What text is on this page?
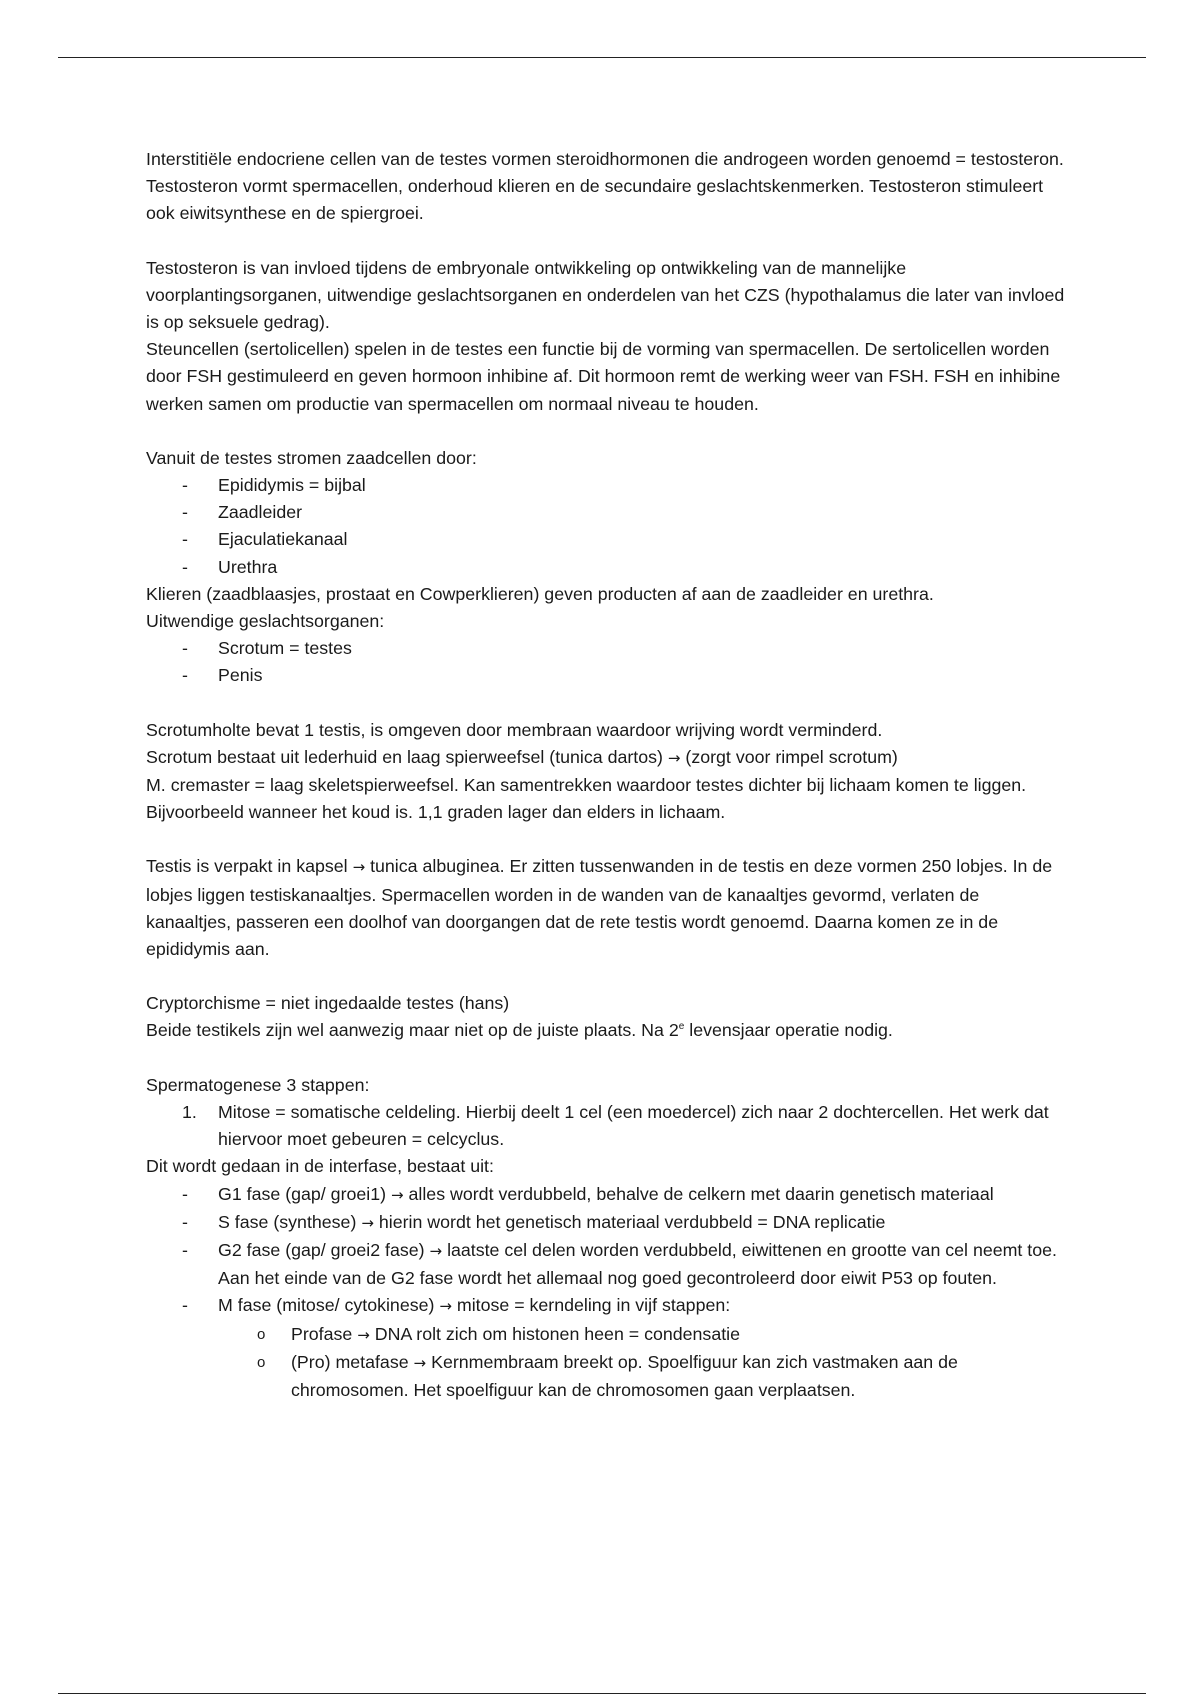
Interstitiële endocriene cellen van de testes vormen steroidhormonen die androgeen worden genoemd = testosteron. Testosteron vormt spermacellen, onderhoud klieren en de secundaire geslachtskenmerken. Testosteron stimuleert ook eiwitsynthese en de spiergroei.

Testosteron is van invloed tijdens de embryonale ontwikkeling op ontwikkeling van de mannelijke voorplantingsorganen, uitwendige geslachtsorganen en onderdelen van het CZS (hypothalamus die later van invloed is op seksuele gedrag).

Steuncellen (sertolicellen) spelen in de testes een functie bij de vorming van spermacellen. De sertolicellen worden door FSH gestimuleerd en geven hormoon inhibine af. Dit hormoon remt de werking weer van FSH. FSH en inhibine werken samen om productie van spermacellen om normaal niveau te houden.

Vanuit de testes stromen zaadcellen door:

- Epididymis = bijbal
- Zaadleider
- Ejaculatiekanaal
- Urethra

Klieren (zaadblaasjes, prostaat en Cowperklieren) geven producten af aan de zaadleider en urethra.

Uitwendige geslachtsorganen:

- Scrotum = testes
- Penis

Scrotumholte bevat 1 testis, is omgeven door membraan waardoor wrijving wordt verminderd.

Scrotum bestaat uit lederhuid en laag spierweefsel (tunica dartos) → (zorgt voor rimpel scrotum)

M. cremaster = laag skeletspierweefsel. Kan samentrekken waardoor testes dichter bij lichaam komen te liggen. Bijvoorbeeld wanneer het koud is. 1,1 graden lager dan elders in lichaam.

Testis is verpakt in kapsel → tunica albuginea. Er zitten tussenwanden in de testis en deze vormen 250 lobjes. In de lobjes liggen testiskanaaltjes. Spermacellen worden in de wanden van de kanaaltjes gevormd, verlaten de kanaaltjes, passeren een doolhof van doorgangen dat de rete testis wordt genoemd. Daarna komen ze in de epididymis aan.

Cryptorchisme = niet ingedaalde testes (hans)

Beide testikels zijn wel aanwezig maar niet op de juiste plaats. Na 2e levensjaar operatie nodig.

Spermatogenese 3 stappen:

1. Mitose = somatische celdeling. Hierbij deelt 1 cel (een moedercel) zich naar 2 dochtercellen. Het werk dat hiervoor moet gebeuren = celcyclus.

Dit wordt gedaan in de interfase, bestaat uit:

- G1 fase (gap/ groei1) → alles wordt verdubbeld, behalve de celkern met daarin genetisch materiaal
- S fase (synthese) → hierin wordt het genetisch materiaal verdubbeld = DNA replicatie
- G2 fase (gap/ groei2 fase) → laatste cel delen worden verdubbeld, eiwittenen en grootte van cel neemt toe. Aan het einde van de G2 fase wordt het allemaal nog goed gecontroleerd door eiwit P53 op fouten.
- M fase (mitose/ cytokinese) → mitose = kerndeling in vijf stappen:
o Profase → DNA rolt zich om histonen heen = condensatie
o (Pro) metafase → Kernmembraam breekt op. Spoelfiguur kan zich vastmaken aan de chromosomen. Het spoelfiguur kan de chromosomen gaan verplaatsen.
